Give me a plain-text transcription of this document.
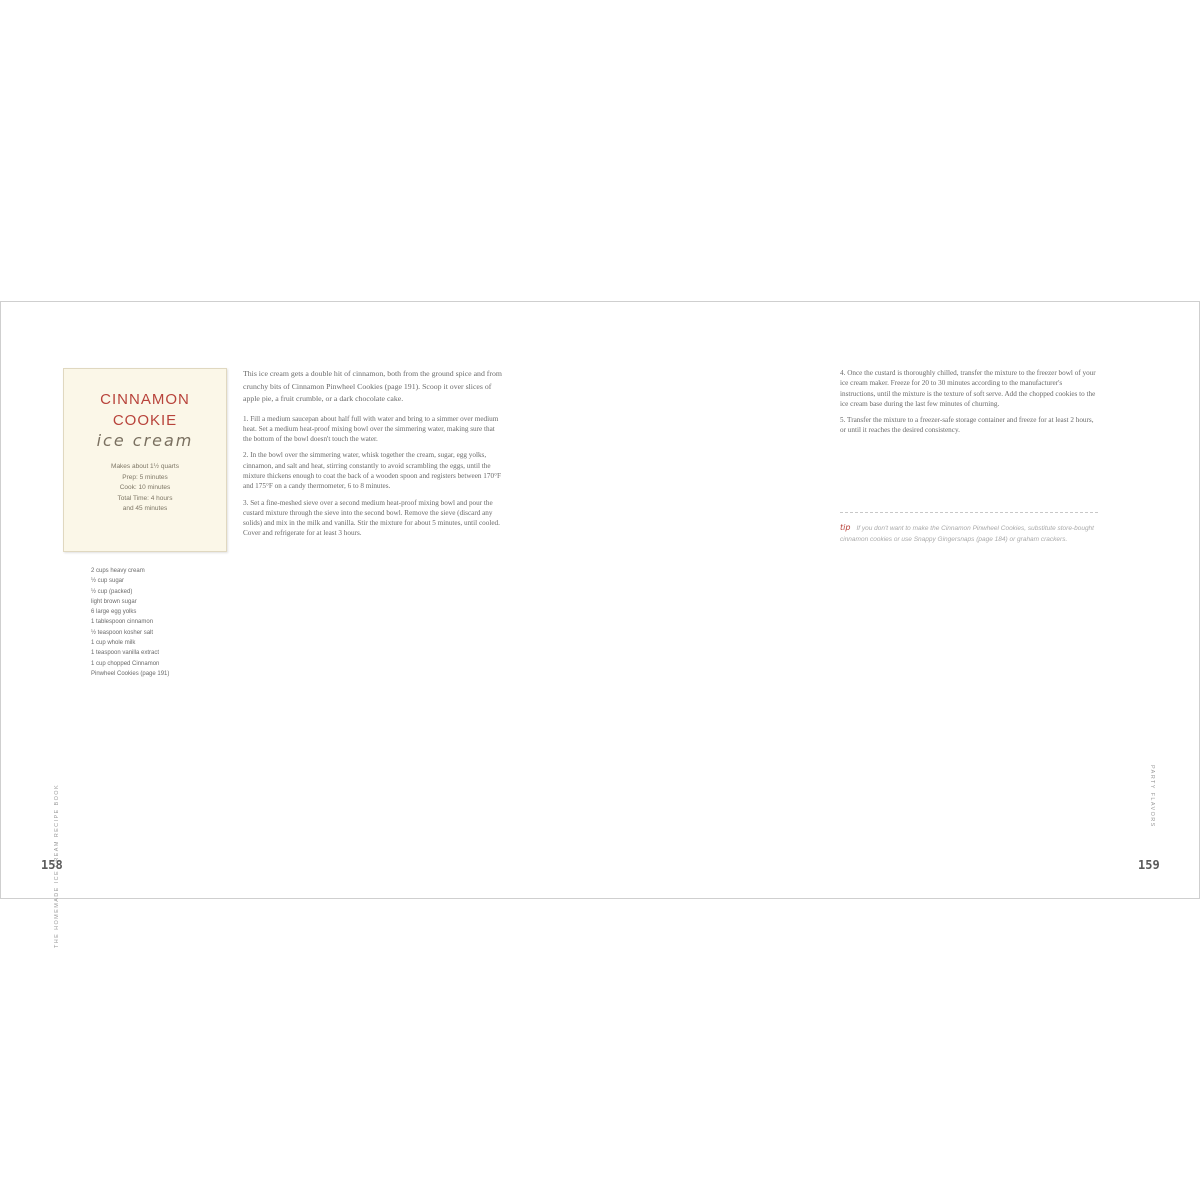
CINNAMON
COOKIE
ice cream
Makes about 1½ quarts
Prep: 5 minutes
Cook: 10 minutes
Total Time: 4 hours
and 45 minutes
2 cups heavy cream
½ cup sugar
½ cup (packed)
light brown sugar
6 large egg yolks
1 tablespoon cinnamon
½ teaspoon kosher salt
1 cup whole milk
1 teaspoon vanilla extract
1 cup chopped Cinnamon
Pinwheel Cookies (page 191)

This ice cream gets a double hit of cinnamon, both from the ground spice and from crunchy bits of Cinnamon Pinwheel Cookies (page 191). Scoop it over slices of apple pie, a fruit crumble, or a dark chocolate cake.

1. Fill a medium saucepan about half full with water and bring to a simmer over medium heat. Set a medium heat-proof mixing bowl over the simmering water, making sure that the bottom of the bowl doesn't touch the water.

2. In the bowl over the simmering water, whisk together the cream, sugar, egg yolks, cinnamon, and salt and heat, stirring constantly to avoid scrambling the eggs, until the mixture thickens enough to coat the back of a wooden spoon and registers between 170°F and 175°F on a candy thermometer, 6 to 8 minutes.

3. Set a fine-meshed sieve over a second medium heat-proof mixing bowl and pour the custard mixture through the sieve into the second bowl. Remove the sieve (discard any solids) and mix in the milk and vanilla. Stir the mixture for about 5 minutes, until cooled. Cover and refrigerate for at least 3 hours.

4. Once the custard is thoroughly chilled, transfer the mixture to the freezer bowl of your ice cream maker. Freeze for 20 to 30 minutes according to the manufacturer's instructions, until the mixture is the texture of soft serve. Add the chopped cookies to the ice cream base during the last few minutes of churning.

5. Transfer the mixture to a freezer-safe storage container and freeze for at least 2 hours, or until it reaches the desired consistency.

tip If you don't want to make the Cinnamon Pinwheel Cookies, substitute store-bought cinnamon cookies or use Snappy Gingersnaps (page 184) or graham crackers.
THE HOMEMADE ICE CREAM RECIPE BOOK	PARTY FLAVORS
158	159
